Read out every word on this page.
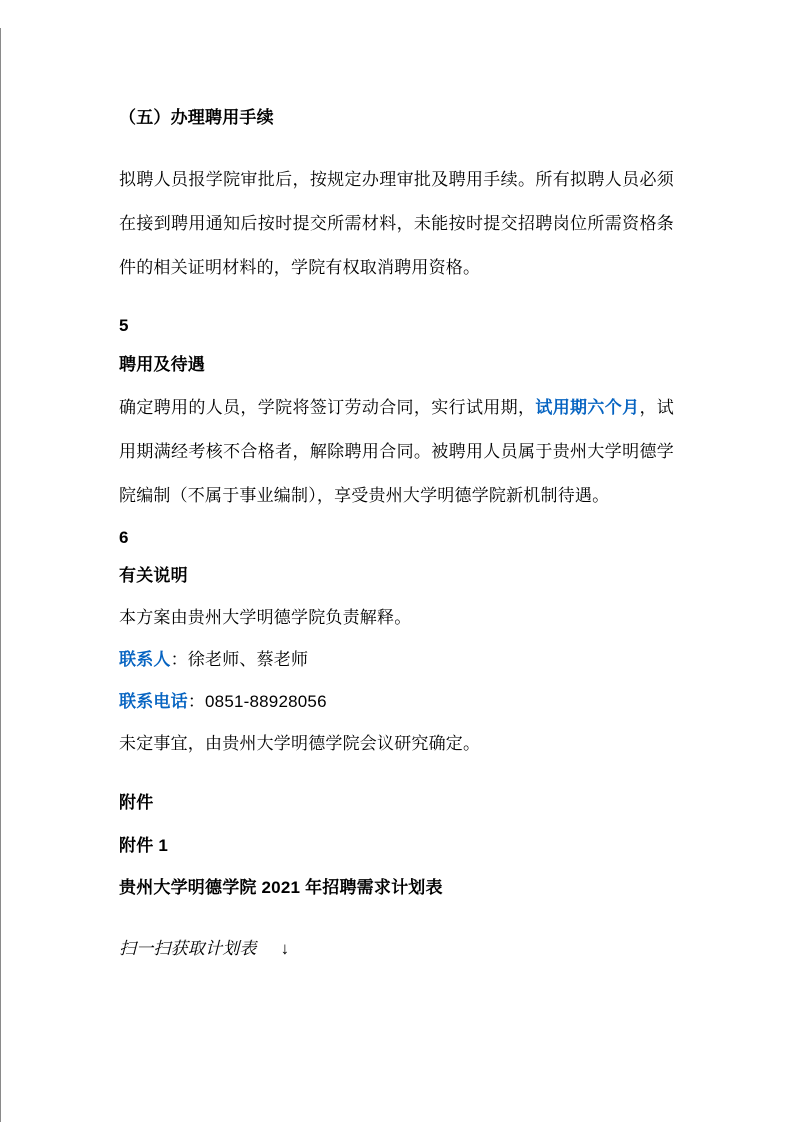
（五）办理聘用手续

拟聘人员报学院审批后，按规定办理审批及聘用手续。所有拟聘人员必须在接到聘用通知后按时提交所需材料，未能按时提交招聘岗位所需资格条件的相关证明材料的，学院有权取消聘用资格。

5
聘用及待遇

确定聘用的人员，学院将签订劳动合同，实行试用期，试用期六个月，试用期满经考核不合格者，解除聘用合同。被聘用人员属于贵州大学明德学院编制（不属于事业编制），享受贵州大学明德学院新机制待遇。

6
有关说明

本方案由贵州大学明德学院负责解释。

联系人：徐老师、蔡老师

联系电话：0851-88928056

未定事宜，由贵州大学明德学院会议研究确定。

附件
附件 1
贵州大学明德学院 2021 年招聘需求计划表

扫一扫获取计划表 ↓
